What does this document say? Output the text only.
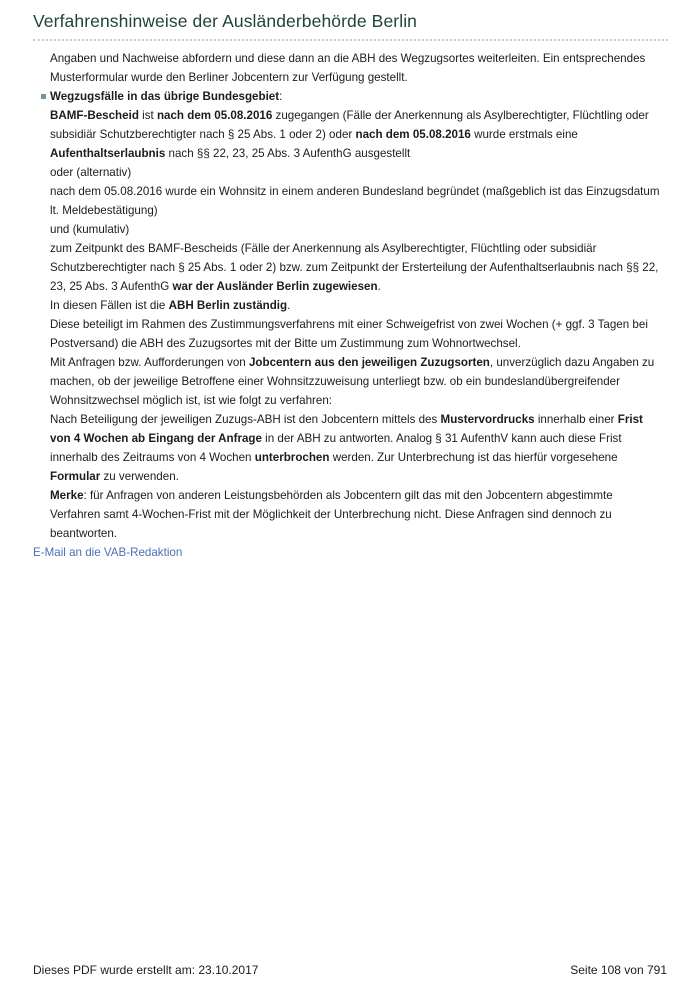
Verfahrenshinweise der Ausländerbehörde Berlin
Angaben und Nachweise abfordern und diese dann an die ABH des Wegzugsortes weiterleiten. Ein entsprechendes Musterformular wurde den Berliner Jobcentern zur Verfügung gestellt.
Wegzugsfälle in das übrige Bundesgebiet:
BAMF-Bescheid ist nach dem 05.08.2016 zugegangen (Fälle der Anerkennung als Asylberechtigter, Flüchtling oder subsidiär Schutzberechtigter nach § 25 Abs. 1 oder 2) oder nach dem 05.08.2016 wurde erstmals eine Aufenthaltserlaubnis nach §§ 22, 23, 25 Abs. 3 AufenthG ausgestellt
oder (alternativ)
nach dem 05.08.2016 wurde ein Wohnsitz in einem anderen Bundesland begründet (maßgeblich ist das Einzugsdatum lt. Meldebestätigung)
und (kumulativ)
zum Zeitpunkt des BAMF-Bescheids (Fälle der Anerkennung als Asylberechtigter, Flüchtling oder subsidiär Schutzberechtigter nach § 25 Abs. 1 oder 2) bzw. zum Zeitpunkt der Ersterteilung der Aufenthaltserlaubnis nach §§ 22, 23, 25 Abs. 3 AufenthG war der Ausländer Berlin zugewiesen.
In diesen Fällen ist die ABH Berlin zuständig.
Diese beteiligt im Rahmen des Zustimmungsverfahrens mit einer Schweigefrist von zwei Wochen (+ ggf. 3 Tagen bei Postversand) die ABH des Zuzugsortes mit der Bitte um Zustimmung zum Wohnortwechsel.
Mit Anfragen bzw. Aufforderungen von Jobcentern aus den jeweiligen Zuzugsorten, unverzüglich dazu Angaben zu machen, ob der jeweilige Betroffene einer Wohnsitzzuweisung unterliegt bzw. ob ein bundeslandübergreifender Wohnsitzwechsel möglich ist, ist wie folgt zu verfahren:
Nach Beteiligung der jeweiligen Zuzugs-ABH ist den Jobcentern mittels des Mustervordrucks innerhalb einer Frist von 4 Wochen ab Eingang der Anfrage in der ABH zu antworten. Analog § 31 AufenthV kann auch diese Frist innerhalb des Zeitraums von 4 Wochen unterbrochen werden. Zur Unterbrechung ist das hierfür vorgesehene Formular zu verwenden.
Merke: für Anfragen von anderen Leistungsbehörden als Jobcentern gilt das mit den Jobcentern abgestimmte Verfahren samt 4-Wochen-Frist mit der Möglichkeit der Unterbrechung nicht. Diese Anfragen sind dennoch zu beantworten.
E-Mail an die VAB-Redaktion
Dieses PDF wurde erstellt am: 23.10.2017	Seite 108 von 791
